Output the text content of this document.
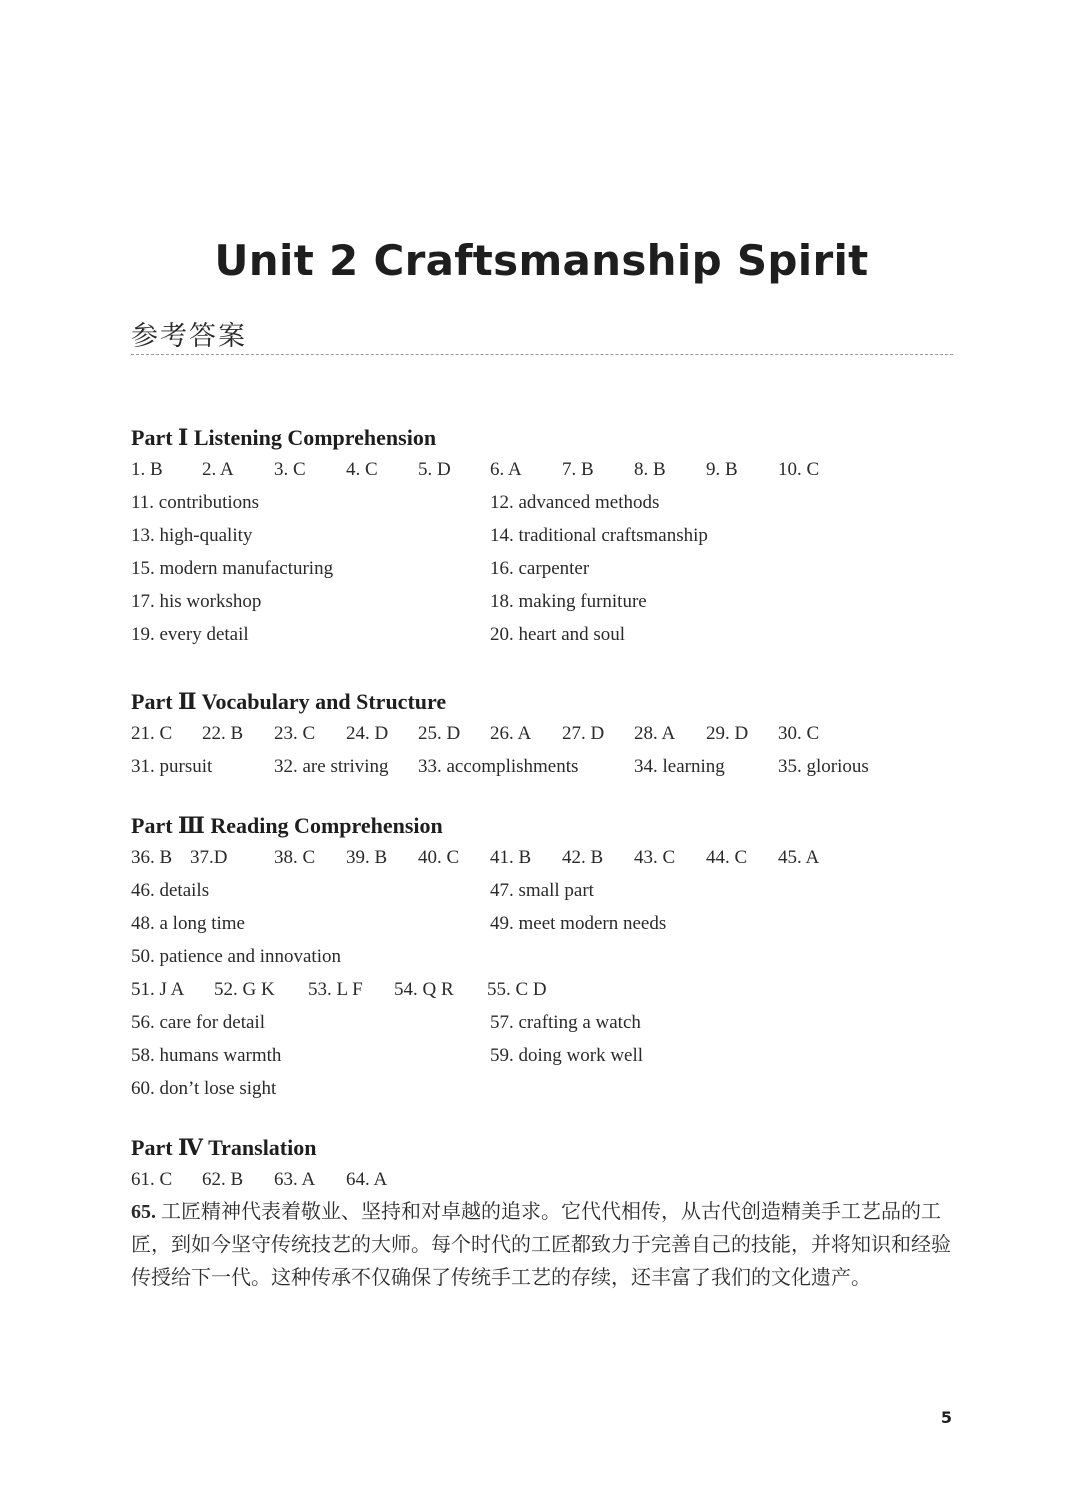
Unit 2 Craftsmanship Spirit
参考答案
Part Ⅰ Listening Comprehension
1. B 2. A 3. C 4. C 5. D 6. A 7. B 8. B 9. B 10. C
11. contributions	12. advanced methods
13. high-quality	14. traditional craftsmanship
15. modern manufacturing	16. carpenter
17. his workshop	18. making furniture
19. every detail	20. heart and soul
Part Ⅱ Vocabulary and Structure
21. C 22. B 23. C 24. D 25. D 26. A 27. D 28. A 29. D 30. C
31. pursuit	32. are striving 33. accomplishments	34. learning	35. glorious
Part Ⅲ Reading Comprehension
36. B 37.D 38. C 39. B 40. C 41. B 42. B 43. C 44. C 45. A
46. details	47. small part
48. a long time	49. meet modern needs
50. patience and innovation
51. J A 52. G K 53. L F 54. Q R 55. C D
56. care for detail	57. crafting a watch
58. humans warmth	59. doing work well
60. don’t lose sight
Part Ⅳ Translation
61. C 62. B 63. A 64. A

65. 工匠精神代表着敬业、坚持和对卓越的追求。它代代相传，从古代创造精美手工艺品的工匠，到如今坚守传统技艺的大师。每个时代的工匠都致力于完善自己的技能，并将知识和经验传授给下一代。这种传承不仅确保了传统手工艺的存续，还丰富了我们的文化遗产。

5
